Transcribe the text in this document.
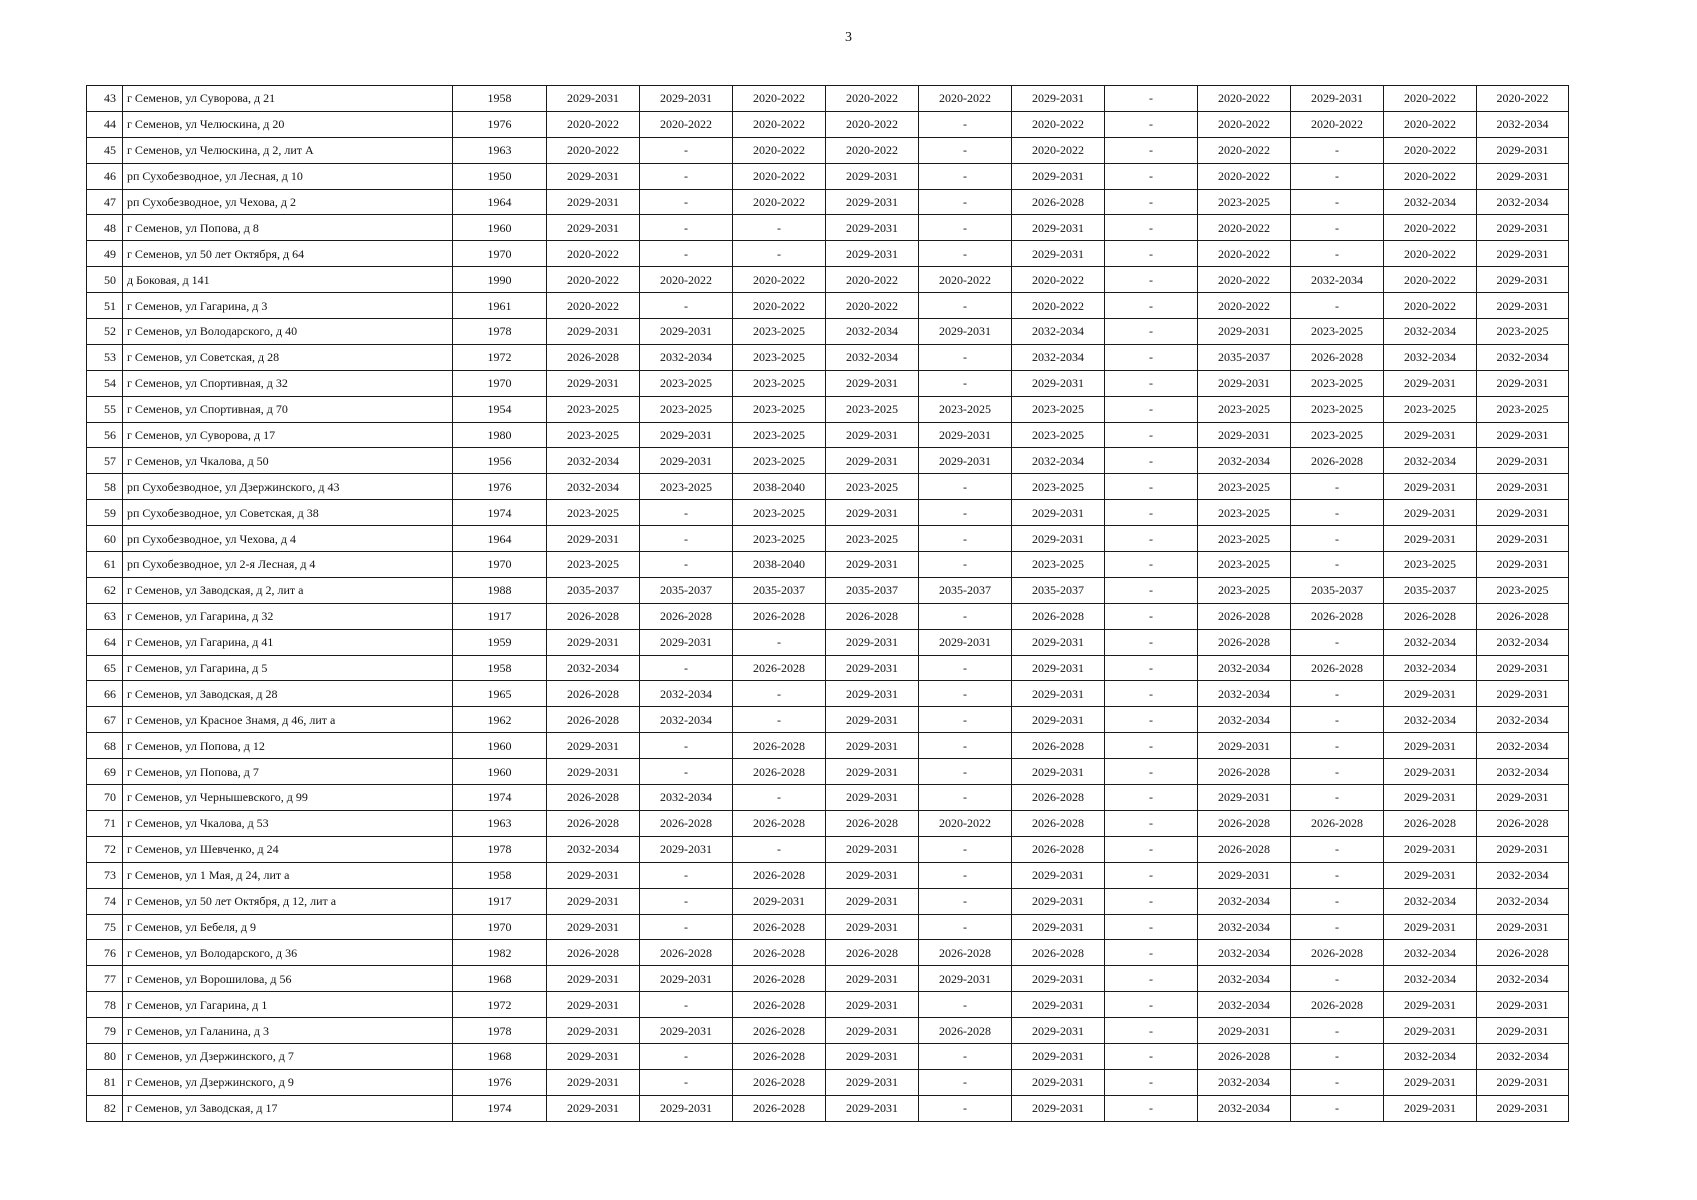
3
43	г Семенов, ул Суворова, д 21	1958	2029-2031	2029-2031	2020-2022	2020-2022	2020-2022	2029-2031	-	2020-2022	2029-2031	2020-2022	2020-2022
44	г Семенов, ул Челюскина, д 20	1976	2020-2022	2020-2022	2020-2022	2020-2022	-	2020-2022	-	2020-2022	2020-2022	2020-2022	2032-2034
45	г Семенов, ул Челюскина, д 2, лит А	1963	2020-2022	-	2020-2022	2020-2022	-	2020-2022	-	2020-2022	-	2020-2022	2029-2031
46	рп Сухобезводное, ул Лесная, д 10	1950	2029-2031	-	2020-2022	2029-2031	-	2029-2031	-	2020-2022	-	2020-2022	2029-2031
47	рп Сухобезводное, ул Чехова, д 2	1964	2029-2031	-	2020-2022	2029-2031	-	2026-2028	-	2023-2025	-	2032-2034	2032-2034
48	г Семенов, ул Попова, д 8	1960	2029-2031	-	-	2029-2031	-	2029-2031	-	2020-2022	-	2020-2022	2029-2031
49	г Семенов, ул 50 лет Октября, д 64	1970	2020-2022	-	-	2029-2031	-	2029-2031	-	2020-2022	-	2020-2022	2029-2031
50	д Боковая, д 141	1990	2020-2022	2020-2022	2020-2022	2020-2022	2020-2022	2020-2022	-	2020-2022	2032-2034	2020-2022	2029-2031
51	г Семенов, ул Гагарина, д 3	1961	2020-2022	-	2020-2022	2020-2022	-	2020-2022	-	2020-2022	-	2020-2022	2029-2031
52	г Семенов, ул Володарского, д 40	1978	2029-2031	2029-2031	2023-2025	2032-2034	2029-2031	2032-2034	-	2029-2031	2023-2025	2032-2034	2023-2025
53	г Семенов, ул Советская, д 28	1972	2026-2028	2032-2034	2023-2025	2032-2034	-	2032-2034	-	2035-2037	2026-2028	2032-2034	2032-2034
54	г Семенов, ул Спортивная, д 32	1970	2029-2031	2023-2025	2023-2025	2029-2031	-	2029-2031	-	2029-2031	2023-2025	2029-2031	2029-2031
55	г Семенов, ул Спортивная, д 70	1954	2023-2025	2023-2025	2023-2025	2023-2025	2023-2025	2023-2025	-	2023-2025	2023-2025	2023-2025	2023-2025
56	г Семенов, ул Суворова, д 17	1980	2023-2025	2029-2031	2023-2025	2029-2031	2029-2031	2023-2025	-	2029-2031	2023-2025	2029-2031	2029-2031
57	г Семенов, ул Чкалова, д 50	1956	2032-2034	2029-2031	2023-2025	2029-2031	2029-2031	2032-2034	-	2032-2034	2026-2028	2032-2034	2029-2031
58	рп Сухобезводное, ул Дзержинского, д 43	1976	2032-2034	2023-2025	2038-2040	2023-2025	-	2023-2025	-	2023-2025	-	2029-2031	2029-2031
59	рп Сухобезводное, ул Советская, д 38	1974	2023-2025	-	2023-2025	2029-2031	-	2029-2031	-	2023-2025	-	2029-2031	2029-2031
60	рп Сухобезводное, ул Чехова, д 4	1964	2029-2031	-	2023-2025	2023-2025	-	2029-2031	-	2023-2025	-	2029-2031	2029-2031
61	рп Сухобезводное, ул 2-я Лесная, д 4	1970	2023-2025	-	2038-2040	2029-2031	-	2023-2025	-	2023-2025	-	2023-2025	2029-2031
62	г Семенов, ул Заводская, д 2, лит а	1988	2035-2037	2035-2037	2035-2037	2035-2037	2035-2037	2035-2037	-	2023-2025	2035-2037	2035-2037	2023-2025
63	г Семенов, ул Гагарина, д 32	1917	2026-2028	2026-2028	2026-2028	2026-2028	-	2026-2028	-	2026-2028	2026-2028	2026-2028	2026-2028
64	г Семенов, ул Гагарина, д 41	1959	2029-2031	2029-2031	-	2029-2031	2029-2031	2029-2031	-	2026-2028	-	2032-2034	2032-2034
65	г Семенов, ул Гагарина, д 5	1958	2032-2034	-	2026-2028	2029-2031	-	2029-2031	-	2032-2034	2026-2028	2032-2034	2029-2031
66	г Семенов, ул Заводская, д 28	1965	2026-2028	2032-2034	-	2029-2031	-	2029-2031	-	2032-2034	-	2029-2031	2029-2031
67	г Семенов, ул Красное Знамя, д 46, лит а	1962	2026-2028	2032-2034	-	2029-2031	-	2029-2031	-	2032-2034	-	2032-2034	2032-2034
68	г Семенов, ул Попова, д 12	1960	2029-2031	-	2026-2028	2029-2031	-	2026-2028	-	2029-2031	-	2029-2031	2032-2034
69	г Семенов, ул Попова, д 7	1960	2029-2031	-	2026-2028	2029-2031	-	2029-2031	-	2026-2028	-	2029-2031	2032-2034
70	г Семенов, ул Чернышевского, д 99	1974	2026-2028	2032-2034	-	2029-2031	-	2026-2028	-	2029-2031	-	2029-2031	2029-2031
71	г Семенов, ул Чкалова, д 53	1963	2026-2028	2026-2028	2026-2028	2026-2028	2020-2022	2026-2028	-	2026-2028	2026-2028	2026-2028	2026-2028
72	г Семенов, ул Шевченко, д 24	1978	2032-2034	2029-2031	-	2029-2031	-	2026-2028	-	2026-2028	-	2029-2031	2029-2031
73	г Семенов, ул 1 Мая, д 24, лит а	1958	2029-2031	-	2026-2028	2029-2031	-	2029-2031	-	2029-2031	-	2029-2031	2032-2034
74	г Семенов, ул 50 лет Октября, д 12, лит а	1917	2029-2031	-	2029-2031	2029-2031	-	2029-2031	-	2032-2034	-	2032-2034	2032-2034
75	г Семенов, ул Бебеля, д 9	1970	2029-2031	-	2026-2028	2029-2031	-	2029-2031	-	2032-2034	-	2029-2031	2029-2031
76	г Семенов, ул Володарского, д 36	1982	2026-2028	2026-2028	2026-2028	2026-2028	2026-2028	2026-2028	-	2032-2034	2026-2028	2032-2034	2026-2028
77	г Семенов, ул Ворошилова, д 56	1968	2029-2031	2029-2031	2026-2028	2029-2031	2029-2031	2029-2031	-	2032-2034	-	2032-2034	2032-2034
78	г Семенов, ул Гагарина, д 1	1972	2029-2031	-	2026-2028	2029-2031	-	2029-2031	-	2032-2034	2026-2028	2029-2031	2029-2031
79	г Семенов, ул Галанина, д 3	1978	2029-2031	2029-2031	2026-2028	2029-2031	2026-2028	2029-2031	-	2029-2031	-	2029-2031	2029-2031
80	г Семенов, ул Дзержинского, д 7	1968	2029-2031	-	2026-2028	2029-2031	-	2029-2031	-	2026-2028	-	2032-2034	2032-2034
81	г Семенов, ул Дзержинского, д 9	1976	2029-2031	-	2026-2028	2029-2031	-	2029-2031	-	2032-2034	-	2029-2031	2029-2031
82	г Семенов, ул Заводская, д 17	1974	2029-2031	2029-2031	2026-2028	2029-2031	-	2029-2031	-	2032-2034	-	2029-2031	2029-2031
